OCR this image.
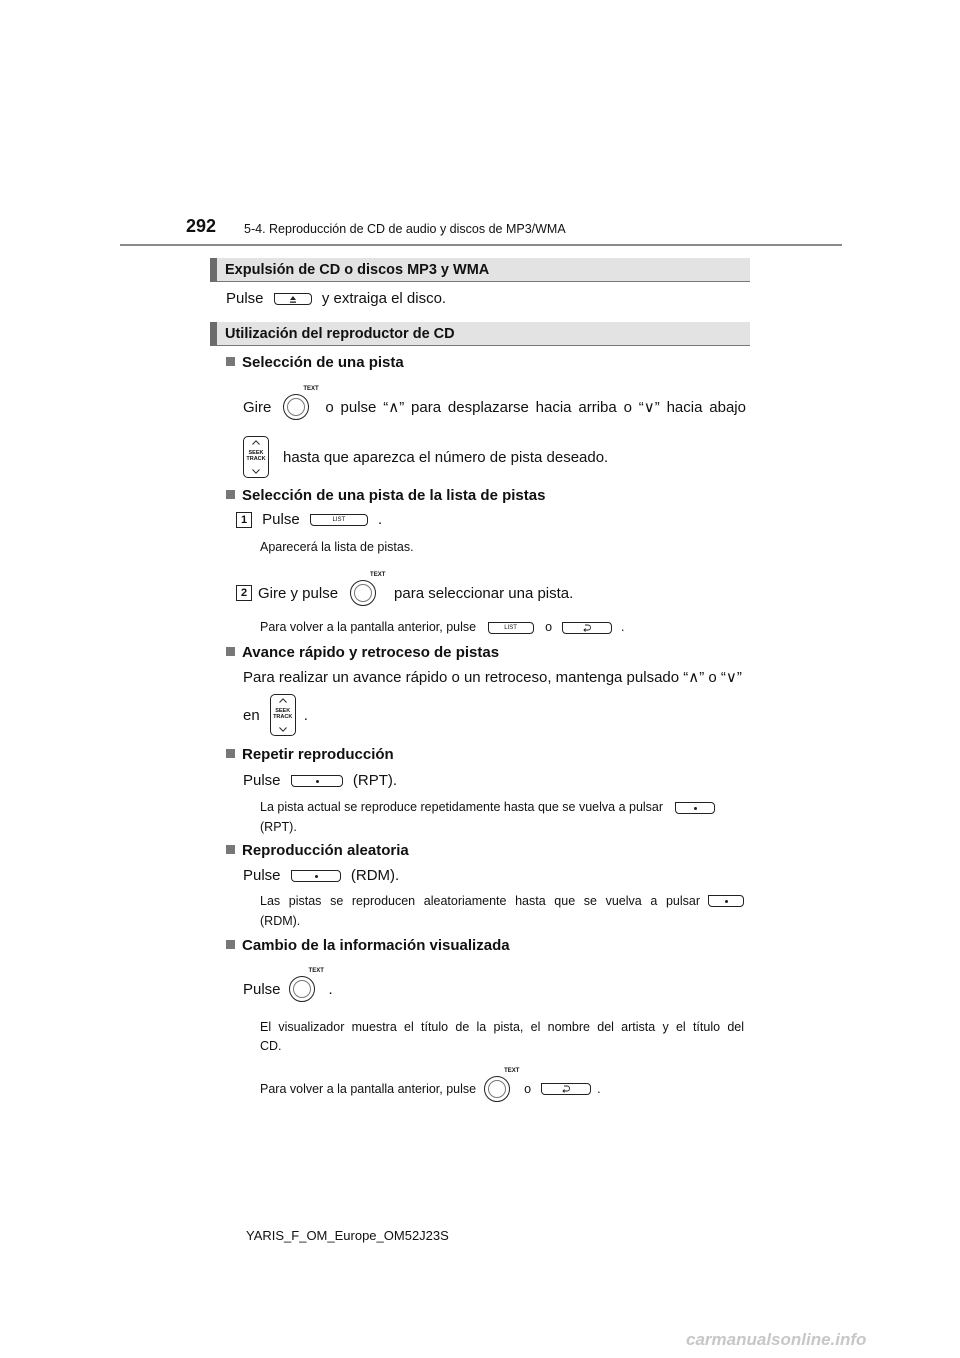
292 5-4. Reproducción de CD de audio y discos de MP3/WMA
Expulsión de CD o discos MP3 y WMA
Pulse	y extraiga el disco.
Utilización del reproductor de CD
Selección de una pista
Gire
TEXT
o pulse “∧” para desplazarse hacia arriba o “∨” hacia abajo
SEEK
TRACK hasta que aparezca el número de pista deseado.
Selección de una pista de la lista de pistas
1 Pulse	LIST	.
Aparecerá la lista de pistas.
2 Gire y pulse
TEXT
para seleccionar una pista.
Para volver a la pantalla anterior, pulse	LIST	o	.
Avance rápido y retroceso de pistas
Para realizar un avance rápido o un retroceso, mantenga pulsado “∧” o “∨”
en	SEEK
TRACK .
Repetir reproducción
Pulse	(RPT).
La pista actual se reproduce repetidamente hasta que se vuelva a pulsar
(RPT).
Reproducción aleatoria
Pulse	(RDM).
Las pistas se reproducen aleatoriamente hasta que se vuelva a pulsar
(RDM).
Cambio de la información visualizada
Pulse
TEXT
.
El visualizador muestra el título de la pista, el nombre del artista y el título del
CD.
Para volver a la pantalla anterior, pulse
TEXT
o	.
YARIS_F_OM_Europe_OM52J23S
carmanualsonline.info
